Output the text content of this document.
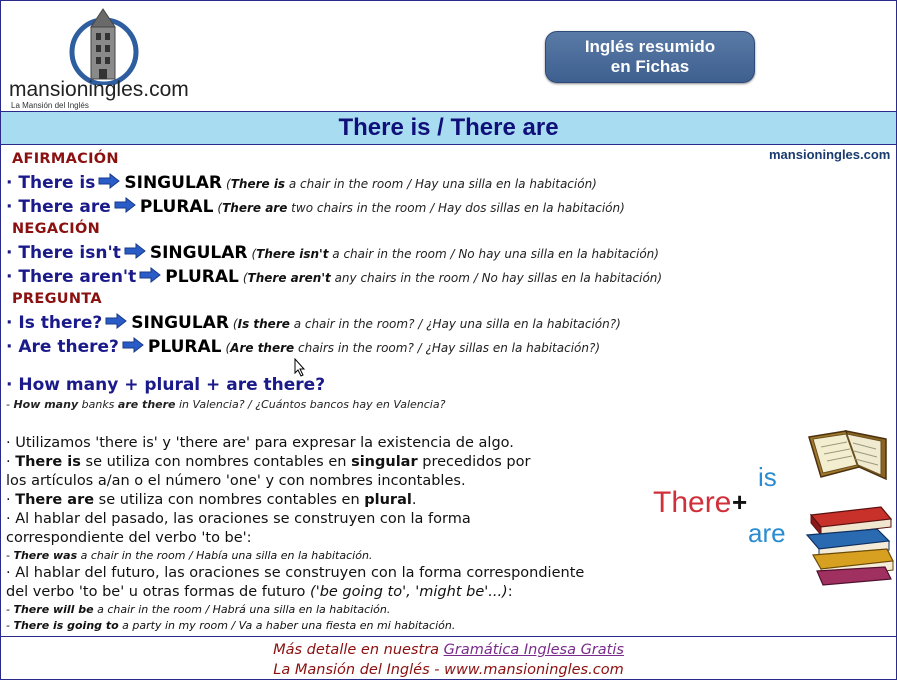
mansioningles.com
La Mansión del Inglés
Inglés resumido
en Fichas
There is / There are
mansioningles.com
AFIRMACIÓN
· There is SINGULAR (There is a chair in the room / Hay una silla en la habitación)
· There are PLURAL (There are two chairs in the room / Hay dos sillas en la habitación)
NEGACIÓN
· There isn't SINGULAR (There isn't a chair in the room / No hay una silla en la habitación)
· There aren't PLURAL (There aren't any chairs in the room / No hay sillas en la habitación)
PREGUNTA
· Is there? SINGULAR (Is there a chair in the room? / ¿Hay una silla en la habitación?)
· Are there? PLURAL (Are there chairs in the room? / ¿Hay sillas en la habitación?)
· How many + plural + are there?
- How many banks are there in Valencia? / ¿Cuántos bancos hay en Valencia?
· Utilizamos 'there is' y 'there are' para expresar la existencia de algo.
· There is se utiliza con nombres contables en singular precedidos por
los artículos a/an o el número 'one' y con nombres incontables.
· There are se utiliza con nombres contables en plural.
· Al hablar del pasado, las oraciones se construyen con la forma
correspondiente del verbo 'to be':
- There was a chair in the room / Había una silla en la habitación.
· Al hablar del futuro, las oraciones se construyen con la forma correspondiente
del verbo 'to be' u otras formas de futuro ('be going to', 'might be'...):
- There will be a chair in the room / Habrá una silla en la habitación.
- There is going to a party in my room / Va a haber una fiesta en mi habitación.
There +
is
are
Más detalle en nuestra Gramática Inglesa Gratis
La Mansión del Inglés - www.mansioningles.com
